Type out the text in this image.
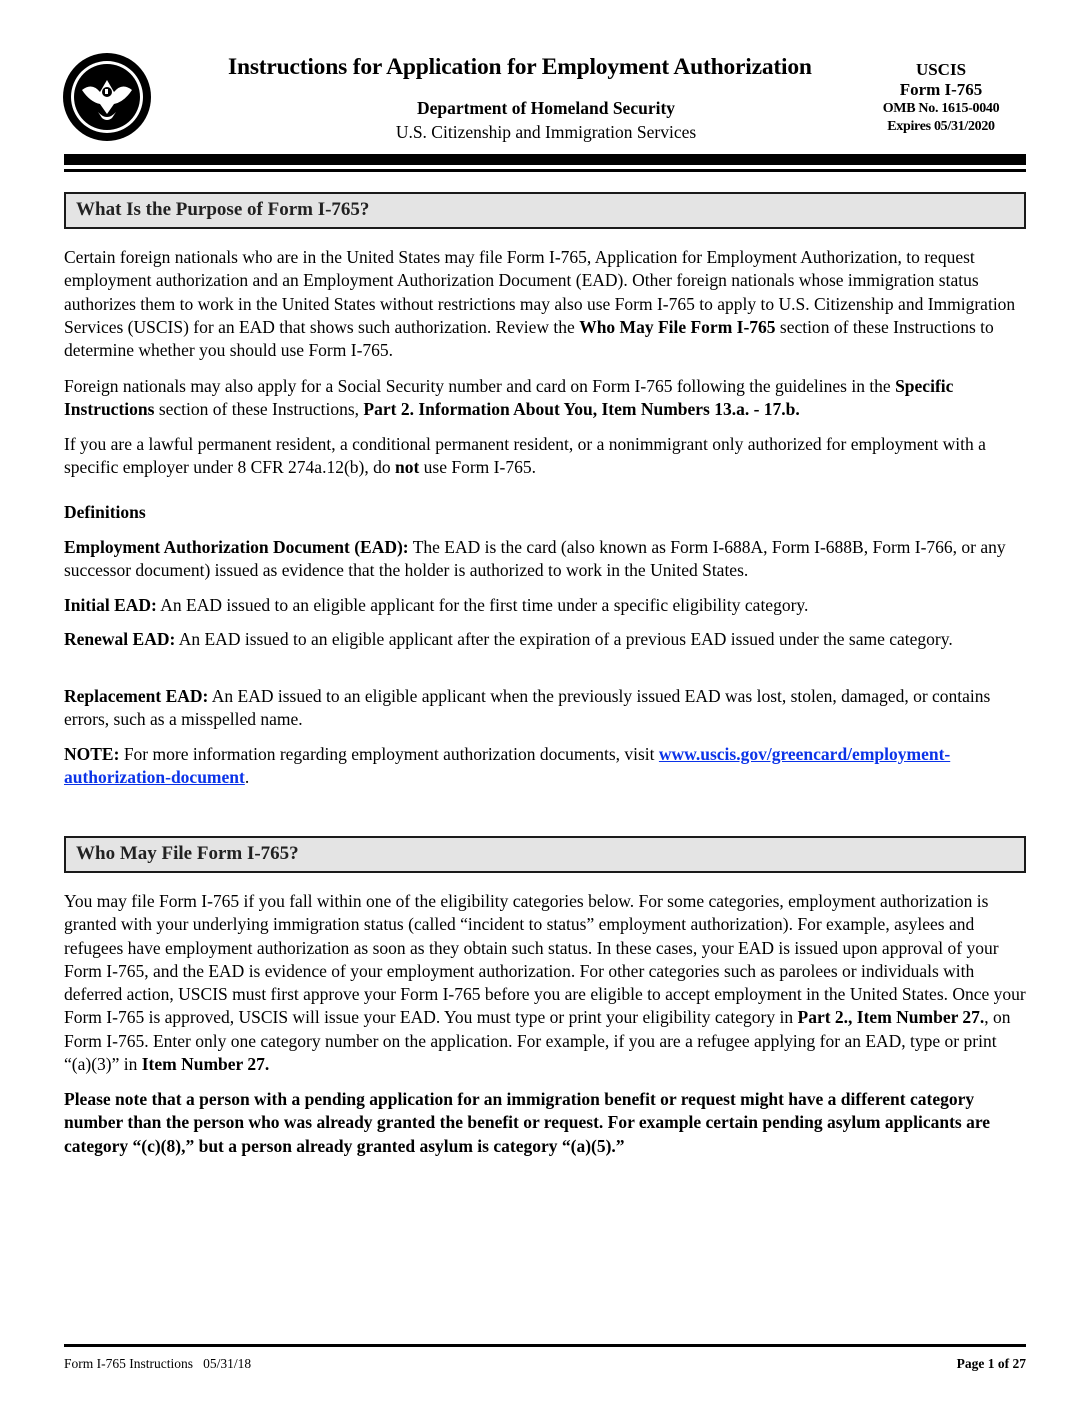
Instructions for Application for Employment Authorization
Department of Homeland Security
U.S. Citizenship and Immigration Services
USCIS
Form I-765
OMB No. 1615-0040
Expires 05/31/2020
What Is the Purpose of Form I-765?

Certain foreign nationals who are in the United States may file Form I-765, Application for Employment Authorization, to request employment authorization and an Employment Authorization Document (EAD). Other foreign nationals whose immigration status authorizes them to work in the United States without restrictions may also use Form I-765 to apply to U.S. Citizenship and Immigration Services (USCIS) for an EAD that shows such authorization. Review the Who May File Form I-765 section of these Instructions to determine whether you should use Form I-765.

Foreign nationals may also apply for a Social Security number and card on Form I-765 following the guidelines in the Specific Instructions section of these Instructions, Part 2. Information About You, Item Numbers 13.a. - 17.b.

If you are a lawful permanent resident, a conditional permanent resident, or a nonimmigrant only authorized for employment with a specific employer under 8 CFR 274a.12(b), do not use Form I-765.

Definitions

Employment Authorization Document (EAD): The EAD is the card (also known as Form I-688A, Form I-688B, Form I-766, or any successor document) issued as evidence that the holder is authorized to work in the United States.

Initial EAD: An EAD issued to an eligible applicant for the first time under a specific eligibility category.

Renewal EAD: An EAD issued to an eligible applicant after the expiration of a previous EAD issued under the same category.

Replacement EAD: An EAD issued to an eligible applicant when the previously issued EAD was lost, stolen, damaged, or contains errors, such as a misspelled name.

NOTE: For more information regarding employment authorization documents, visit www.uscis.gov/greencard/employment-authorization-document.

Who May File Form I-765?

You may file Form I-765 if you fall within one of the eligibility categories below. For some categories, employment authorization is granted with your underlying immigration status (called “incident to status” employment authorization). For example, asylees and refugees have employment authorization as soon as they obtain such status. In these cases, your EAD is issued upon approval of your Form I-765, and the EAD is evidence of your employment authorization. For other categories such as parolees or individuals with deferred action, USCIS must first approve your Form I-765 before you are eligible to accept employment in the United States. Once your Form I-765 is approved, USCIS will issue your EAD. You must type or print your eligibility category in Part 2., Item Number 27., on Form I-765. Enter only one category number on the application. For example, if you are a refugee applying for an EAD, type or print “(a)(3)” in Item Number 27.

Please note that a person with a pending application for an immigration benefit or request might have a different category number than the person who was already granted the benefit or request. For example certain pending asylum applicants are category “(c)(8),” but a person already granted asylum is category “(a)(5).”

Form I-765 Instructions   05/31/18	Page 1 of 27
